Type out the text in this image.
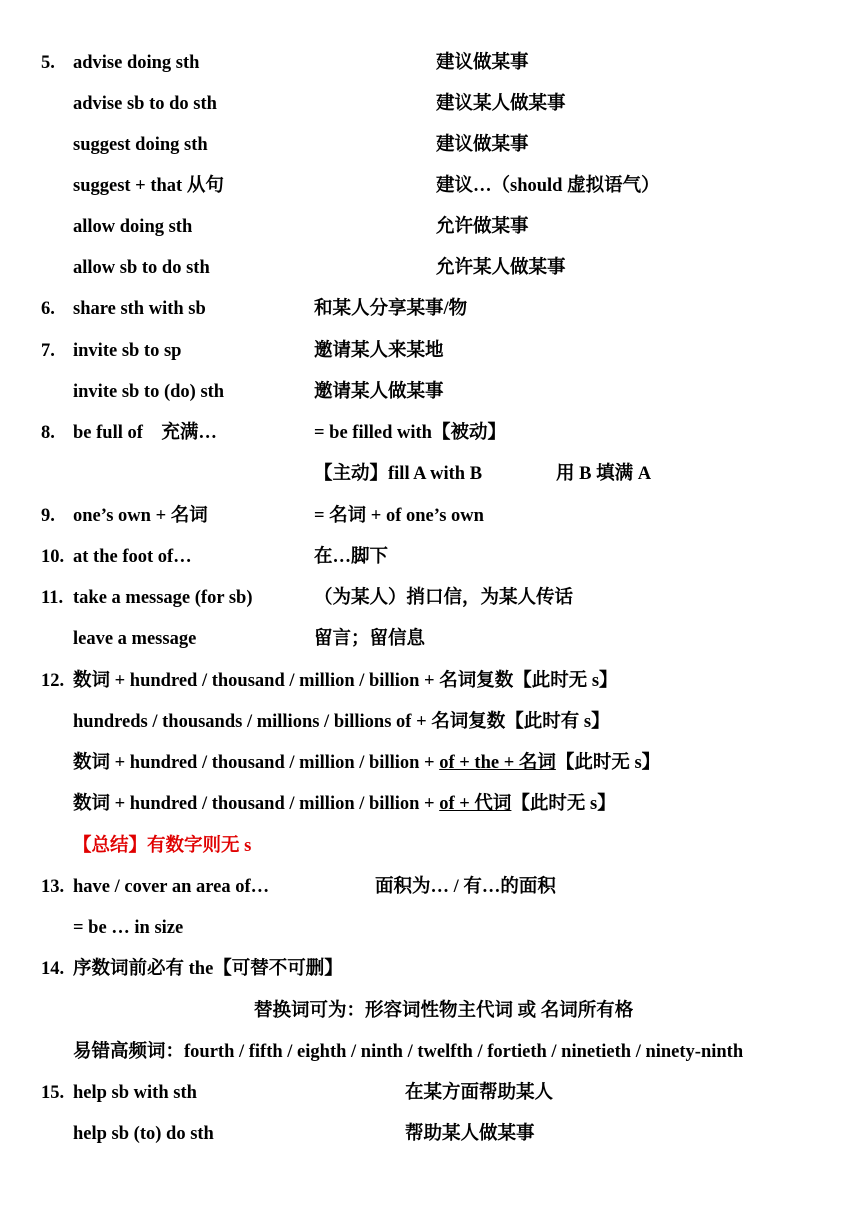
5. advise doing sth	建议做某事
advise sb to do sth	建议某人做某事
suggest doing sth	建议做某事
suggest + that 从句	建议…（should 虚拟语气）
allow doing sth	允许做某事
allow sb to do sth	允许某人做某事
6. share sth with sb	和某人分享某事/物
7. invite sb to sp	邀请某人来某地
invite sb to (do) sth	邀请某人做某事
8. be full of　充满…	= be filled with【被动】
【主动】fill A with B	用 B 填满 A
9. one’s own + 名词	= 名词 + of one’s own
10. at the foot of…	在…脚下
11. take a message (for sb)	（为某人）捎口信，为某人传话
leave a message	留言；留信息
12. 数词 + hundred / thousand / million / billion + 名词复数【此时无 s】
hundreds / thousands / millions / billions of + 名词复数【此时有 s】
数词 + hundred / thousand / million / billion + of + the + 名词【此时无 s】
数词 + hundred / thousand / million / billion + of + 代词【此时无 s】
【总结】有数字则无 s
13. have / cover an area of…	面积为… / 有…的面积
= be … in size
14. 序数词前必有 the【可替不可删】
替换词可为：形容词性物主代词 或 名词所有格
易错高频词：fourth / fifth / eighth / ninth / twelfth / fortieth / ninetieth / ninety-ninth
15. help sb with sth	在某方面帮助某人
help sb (to) do sth	帮助某人做某事
